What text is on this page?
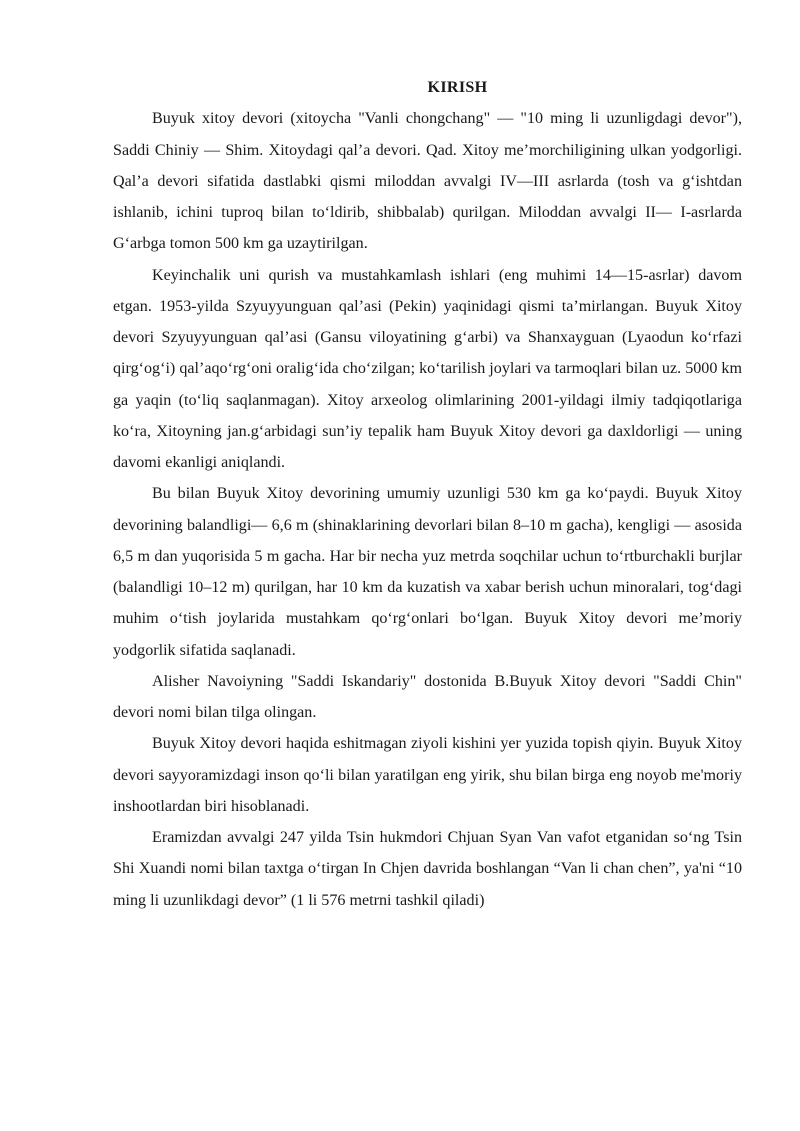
KIRISH

Buyuk xitoy devori (xitoycha "Vanli chongchang" — "10 ming li uzunligdagi devor"), Saddi Chiniy — Shim. Xitoydagi qal’a devori. Qad. Xitoy me’morchiligining ulkan yodgorligi. Qal’a devori sifatida dastlabki qismi miloddan avvalgi IV—III asrlarda (tosh va g‘ishtdan ishlanib, ichini tuproq bilan to‘ldirib, shibbalab) qurilgan. Miloddan avvalgi II— I-asrlarda G‘arbga tomon 500 km ga uzaytirilgan.

Keyinchalik uni qurish va mustahkamlash ishlari (eng muhimi 14—15-asrlar) davom etgan. 1953-yilda Szyuyyunguan qal’asi (Pekin) yaqinidagi qismi ta’mirlangan. Buyuk Xitoy devori Szyuyyunguan qal’asi (Gansu viloyatining g‘arbi) va Shanxayguan (Lyaodun ko‘rfazi qirg‘og‘i) qal’aqo‘rg‘oni oralig‘ida cho‘zilgan; ko‘tarilish joylari va tarmoqlari bilan uz. 5000 km ga yaqin (to‘liq saqlanmagan). Xitoy arxeolog olimlarining 2001-yildagi ilmiy tadqiqotlariga ko‘ra, Xitoyning jan.g‘arbidagi sun’iy tepalik ham Buyuk Xitoy devori ga daxldorligi — uning davomi ekanligi aniqlandi.

Bu bilan Buyuk Xitoy devorining umumiy uzunligi 530 km ga ko‘paydi. Buyuk Xitoy devorining balandligi— 6,6 m (shinaklarining devorlari bilan 8–10 m gacha), kengligi — asosida 6,5 m dan yuqorisida 5 m gacha. Har bir necha yuz metrda soqchilar uchun to‘rtburchakli burjlar (balandligi 10–12 m) qurilgan, har 10 km da kuzatish va xabar berish uchun minoralari, tog‘dagi muhim o‘tish joylarida mustahkam qo‘rg‘onlari bo‘lgan. Buyuk Xitoy devori me’moriy yodgorlik sifatida saqlanadi.

Alisher Navoiyning "Saddi Iskandariy" dostonida B.Buyuk Xitoy devori "Saddi Chin" devori nomi bilan tilga olingan.

Buyuk Xitoy devori haqida eshitmagan ziyoli kishini yer yuzida topish qiyin. Buyuk Xitoy devori sayyoramizdagi inson qo‘li bilan yaratilgan eng yirik, shu bilan birga eng noyob me'moriy inshootlardan biri hisoblanadi.

Eramizdan avvalgi 247 yilda Tsin hukmdori Chjuan Syan Van vafot etganidan so‘ng Tsin Shi Xuandi nomi bilan taxtga o‘tirgan In Chjen davrida boshlangan “Van li chan chen”, ya'ni “10 ming li uzunlikdagi devor” (1 li 576 metrni tashkil qiladi)
